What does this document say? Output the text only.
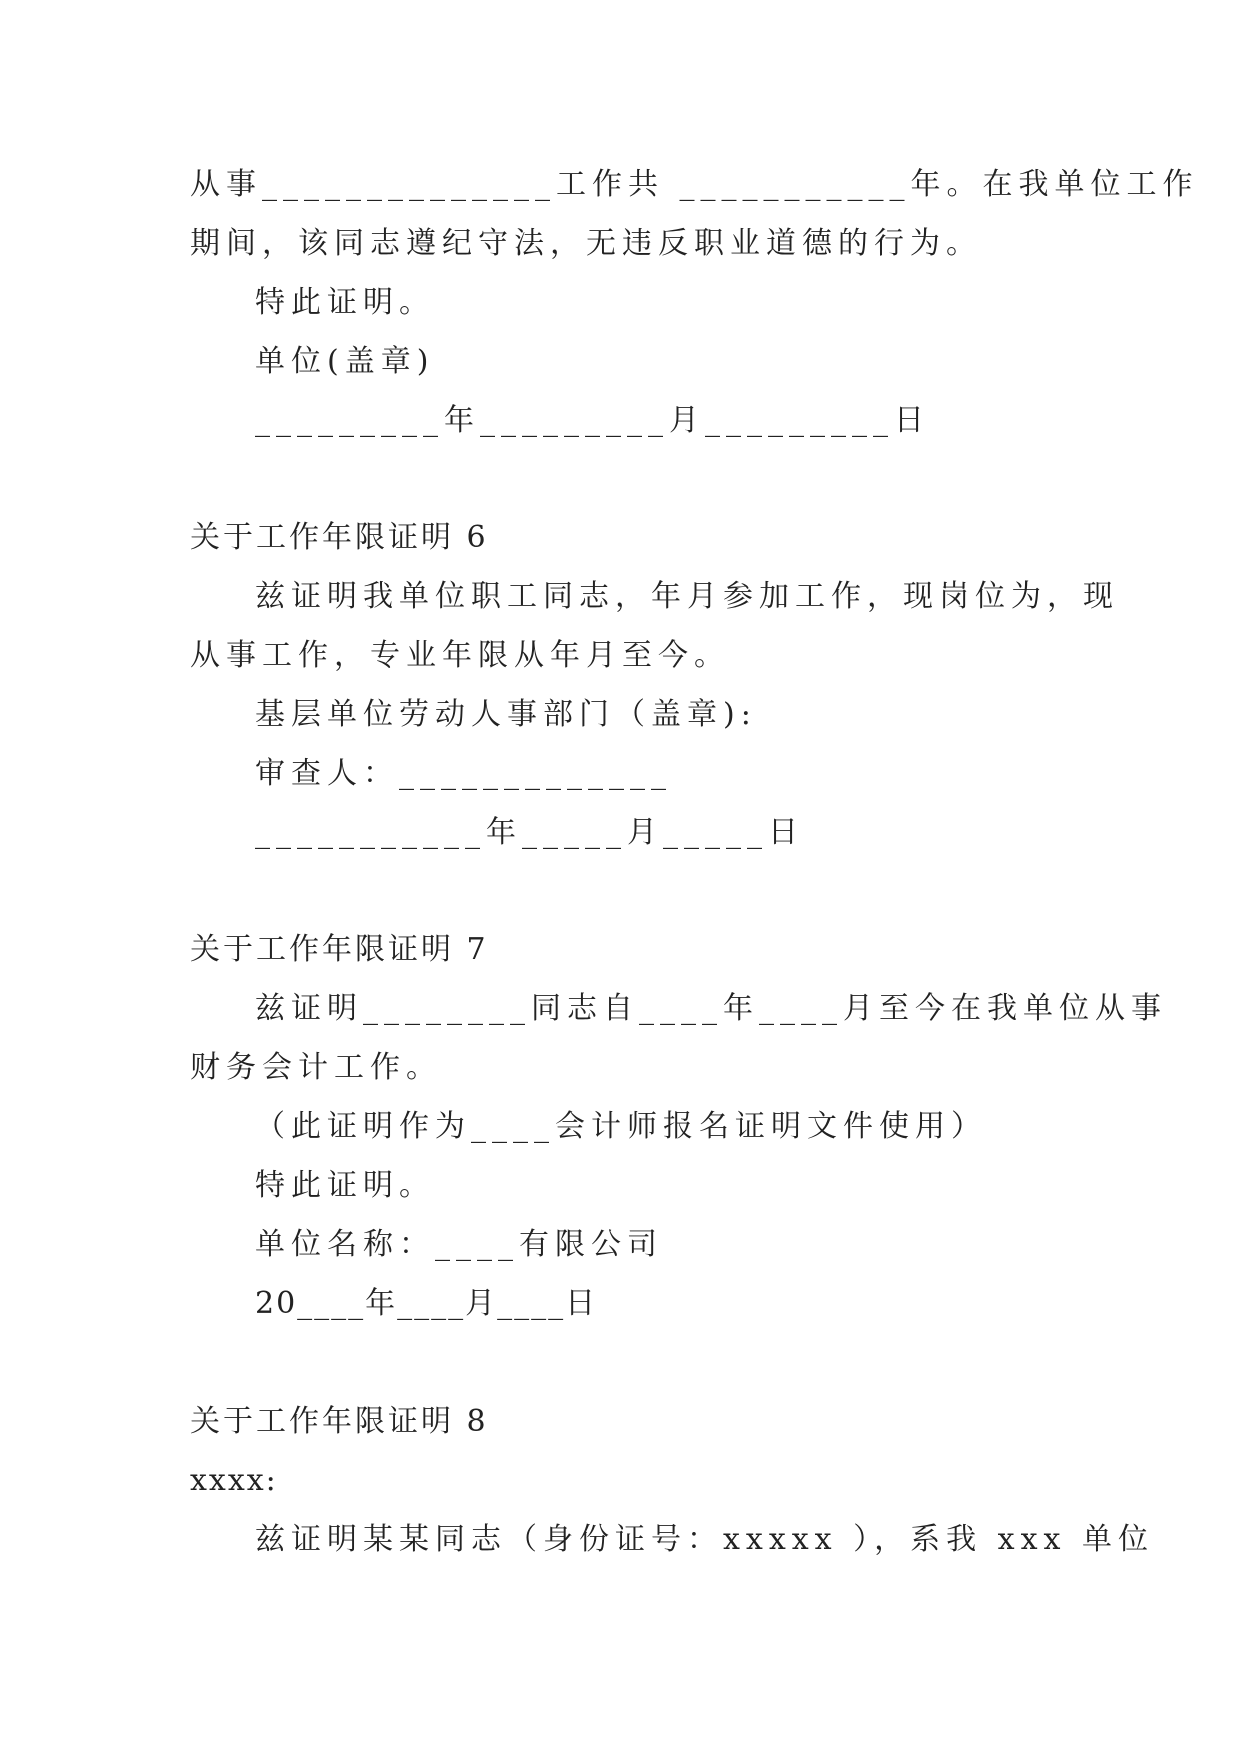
从事______________工作共 ___________年。在我单位工作
期间，该同志遵纪守法，无违反职业道德的行为。
特此证明。
单位(盖章)
_________年_________月_________日
关于工作年限证明 6
兹证明我单位职工同志，年月参加工作，现岗位为，现
从事工作，专业年限从年月至今。
基层单位劳动人事部门（盖章):
审查人：_____________
___________年_____月_____日
关于工作年限证明 7
兹证明________同志自____年____月至今在我单位从事
财务会计工作。
（此证明作为____会计师报名证明文件使用）
特此证明。
单位名称：____有限公司
20____年____月____日
关于工作年限证明 8
xxxx:
兹证明某某同志（身份证号：xxxxx ），系我 xxx 单位
